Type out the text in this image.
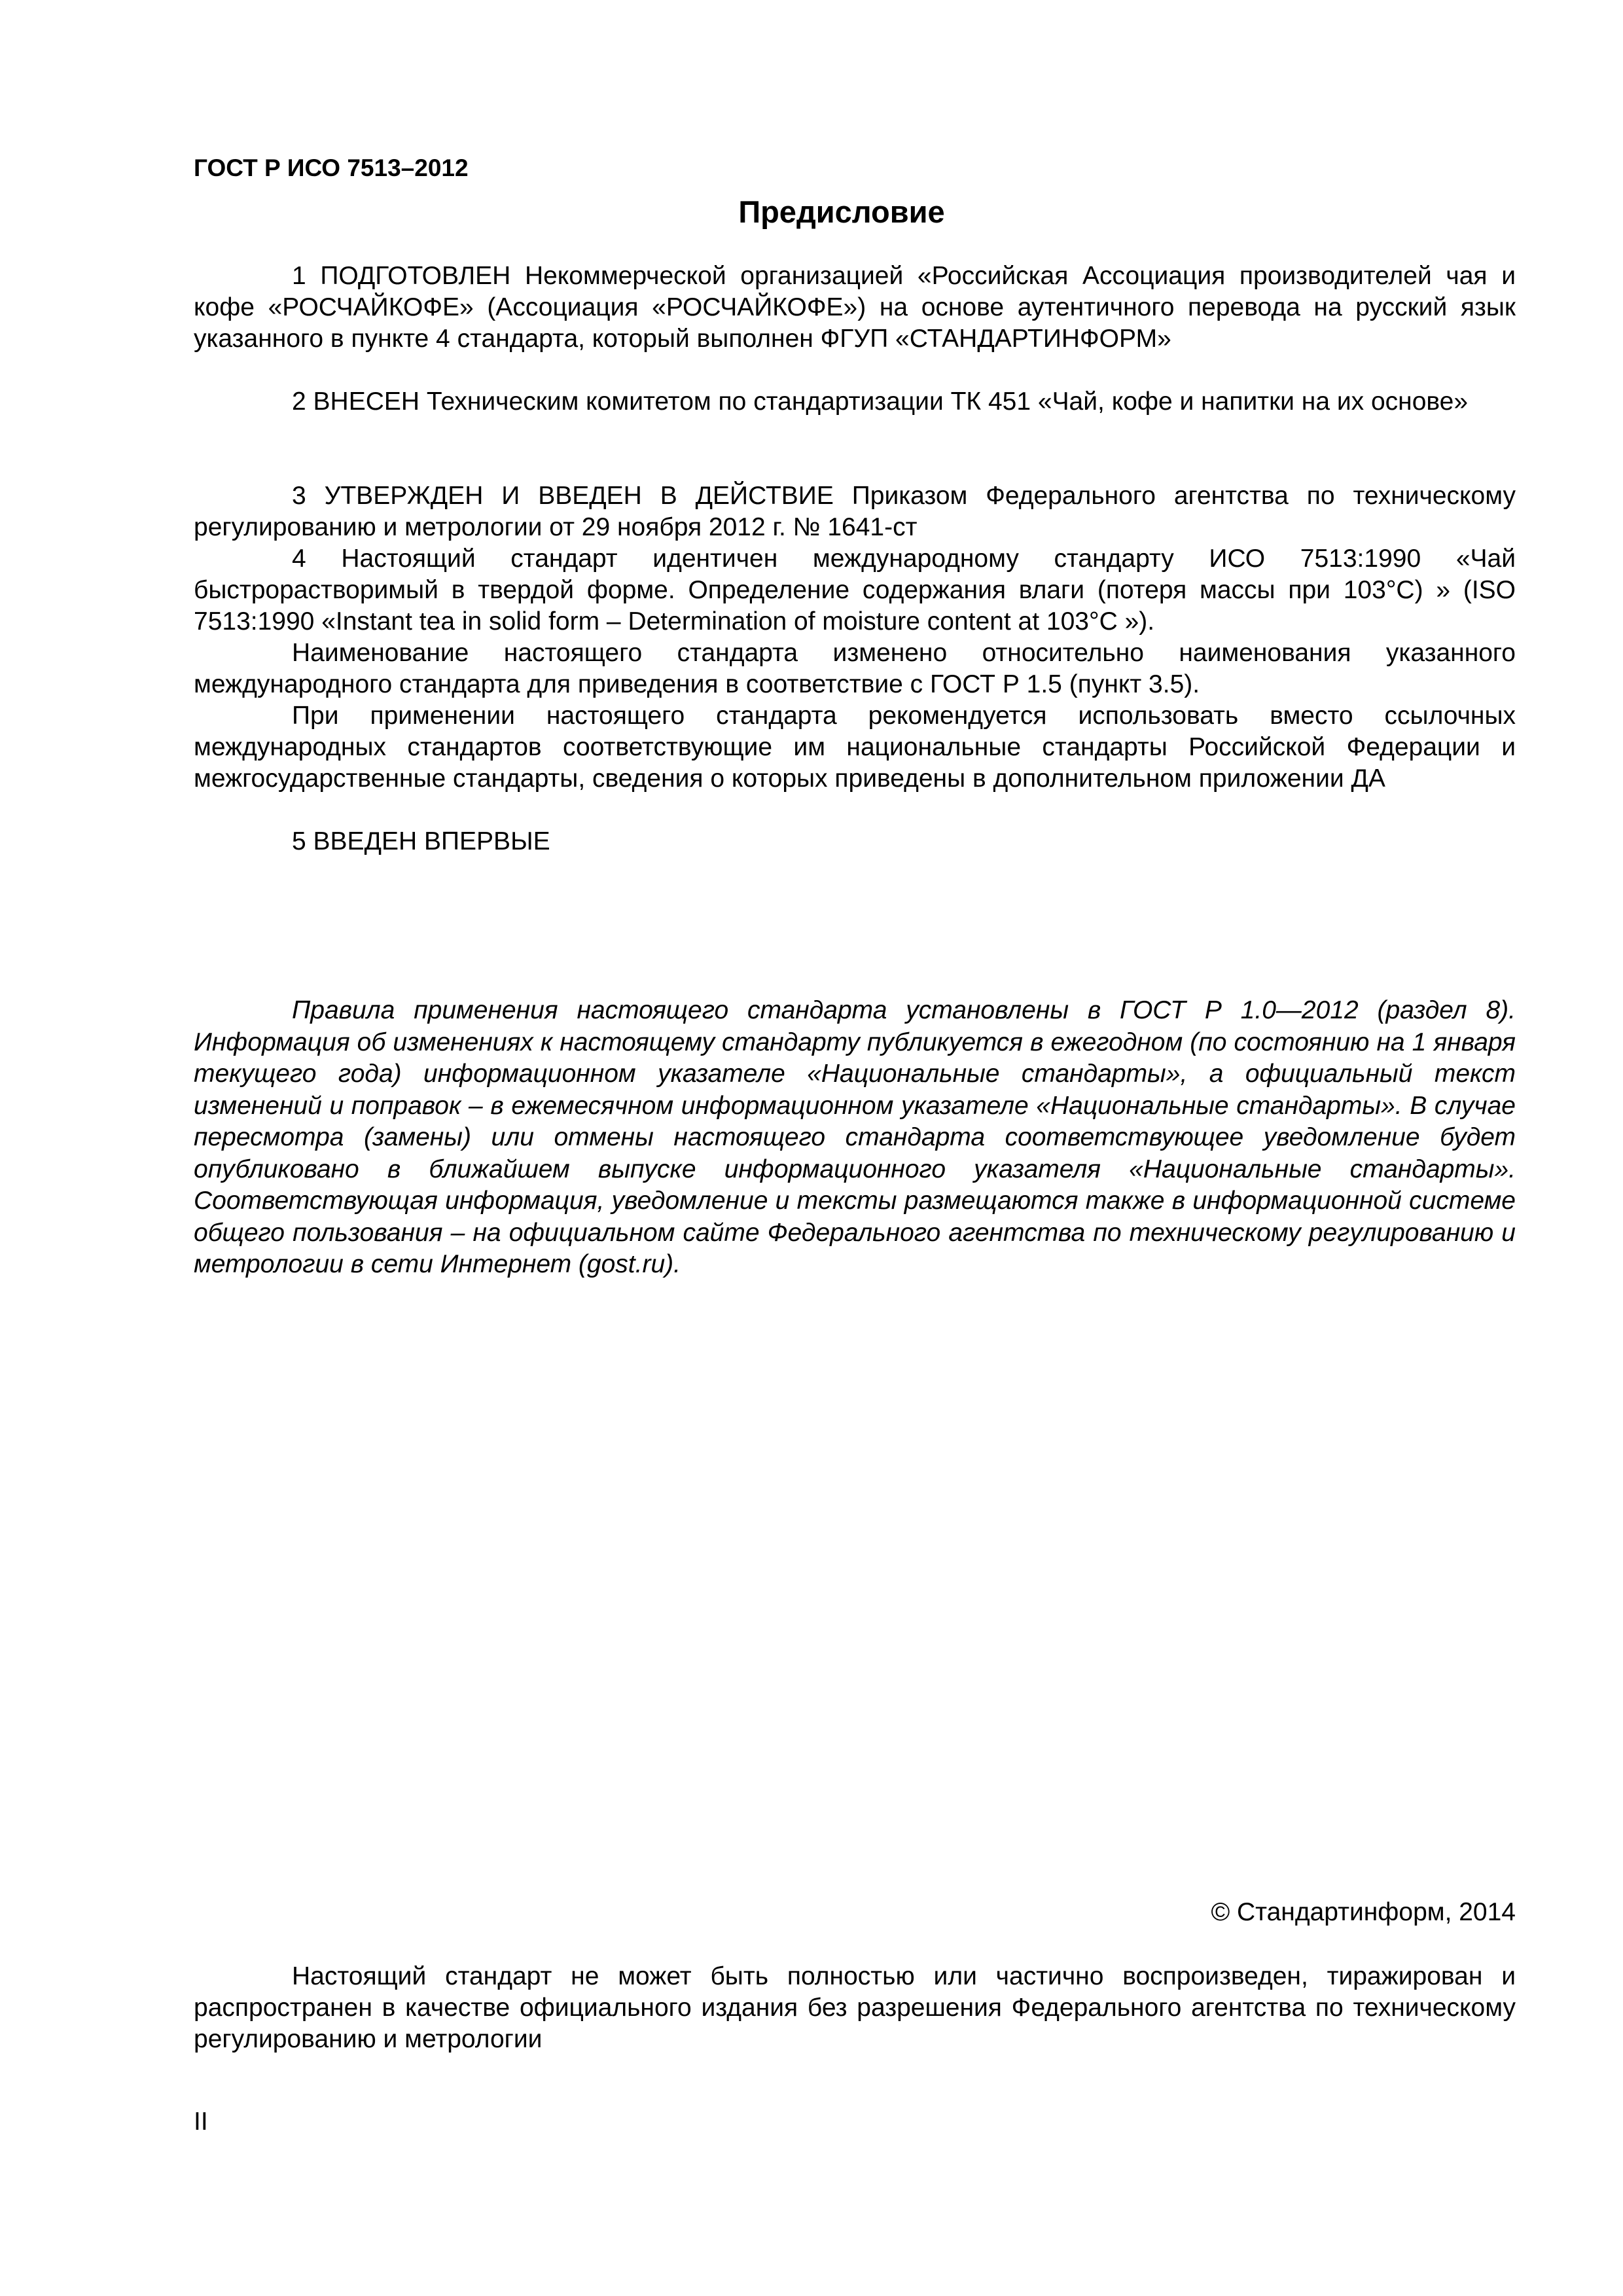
ГОСТ Р ИСО 7513–2012
Предисловие

1 ПОДГОТОВЛЕН Некоммерческой организацией «Российская Ассоциация производителей чая и кофе «РОСЧАЙКОФЕ» (Ассоциация «РОСЧАЙКОФЕ») на основе аутентичного перевода на русский язык указанного в пункте 4 стандарта, который выполнен ФГУП «СТАНДАРТИНФОРМ»

2 ВНЕСЕН Техническим комитетом по стандартизации ТК 451 «Чай, кофе и напитки на их основе»

3 УТВЕРЖДЕН И ВВЕДЕН В ДЕЙСТВИЕ Приказом Федерального агентства по техническому регулированию и метрологии от 29 ноября 2012 г. № 1641-ст

4 Настоящий стандарт идентичен международному стандарту ИСО 7513:1990 «Чай быстрорастворимый в твердой форме. Определение содержания влаги (потеря массы при 103°С) » (ISO 7513:1990 «Instant tea in solid form – Determination of moisture content at 103°C »).

Наименование настоящего стандарта изменено относительно наименования указанного международного стандарта для приведения в соответствие с ГОСТ Р 1.5 (пункт 3.5).

При применении настоящего стандарта рекомендуется использовать вместо ссылочных международных стандартов соответствующие им национальные стандарты Российской Федерации и межгосударственные стандарты, сведения о которых приведены в дополнительном приложении ДА

5 ВВЕДЕН ВПЕРВЫЕ

Правила применения настоящего стандарта установлены в ГОСТ Р 1.0—2012 (раздел 8). Информация об изменениях к настоящему стандарту публикуется в ежегодном (по состоянию на 1 января текущего года) информационном указателе «Национальные стандарты», а официальный текст изменений и поправок – в ежемесячном информационном указателе «Национальные стандарты». В случае пересмотра (замены) или отмены настоящего стандарта соответствующее уведомление будет опубликовано в ближайшем выпуске информационного указателя «Национальные стандарты». Соответствующая информация, уведомление и тексты размещаются также в информационной системе общего пользования – на официальном сайте Федерального агентства по техническому регулированию и метрологии в сети Интернет (gost.ru).

© Стандартинформ, 2014

Настоящий стандарт не может быть полностью или частично воспроизведен, тиражирован и распространен в качестве официального издания без разрешения Федерального агентства по техническому регулированию и метрологии

II
